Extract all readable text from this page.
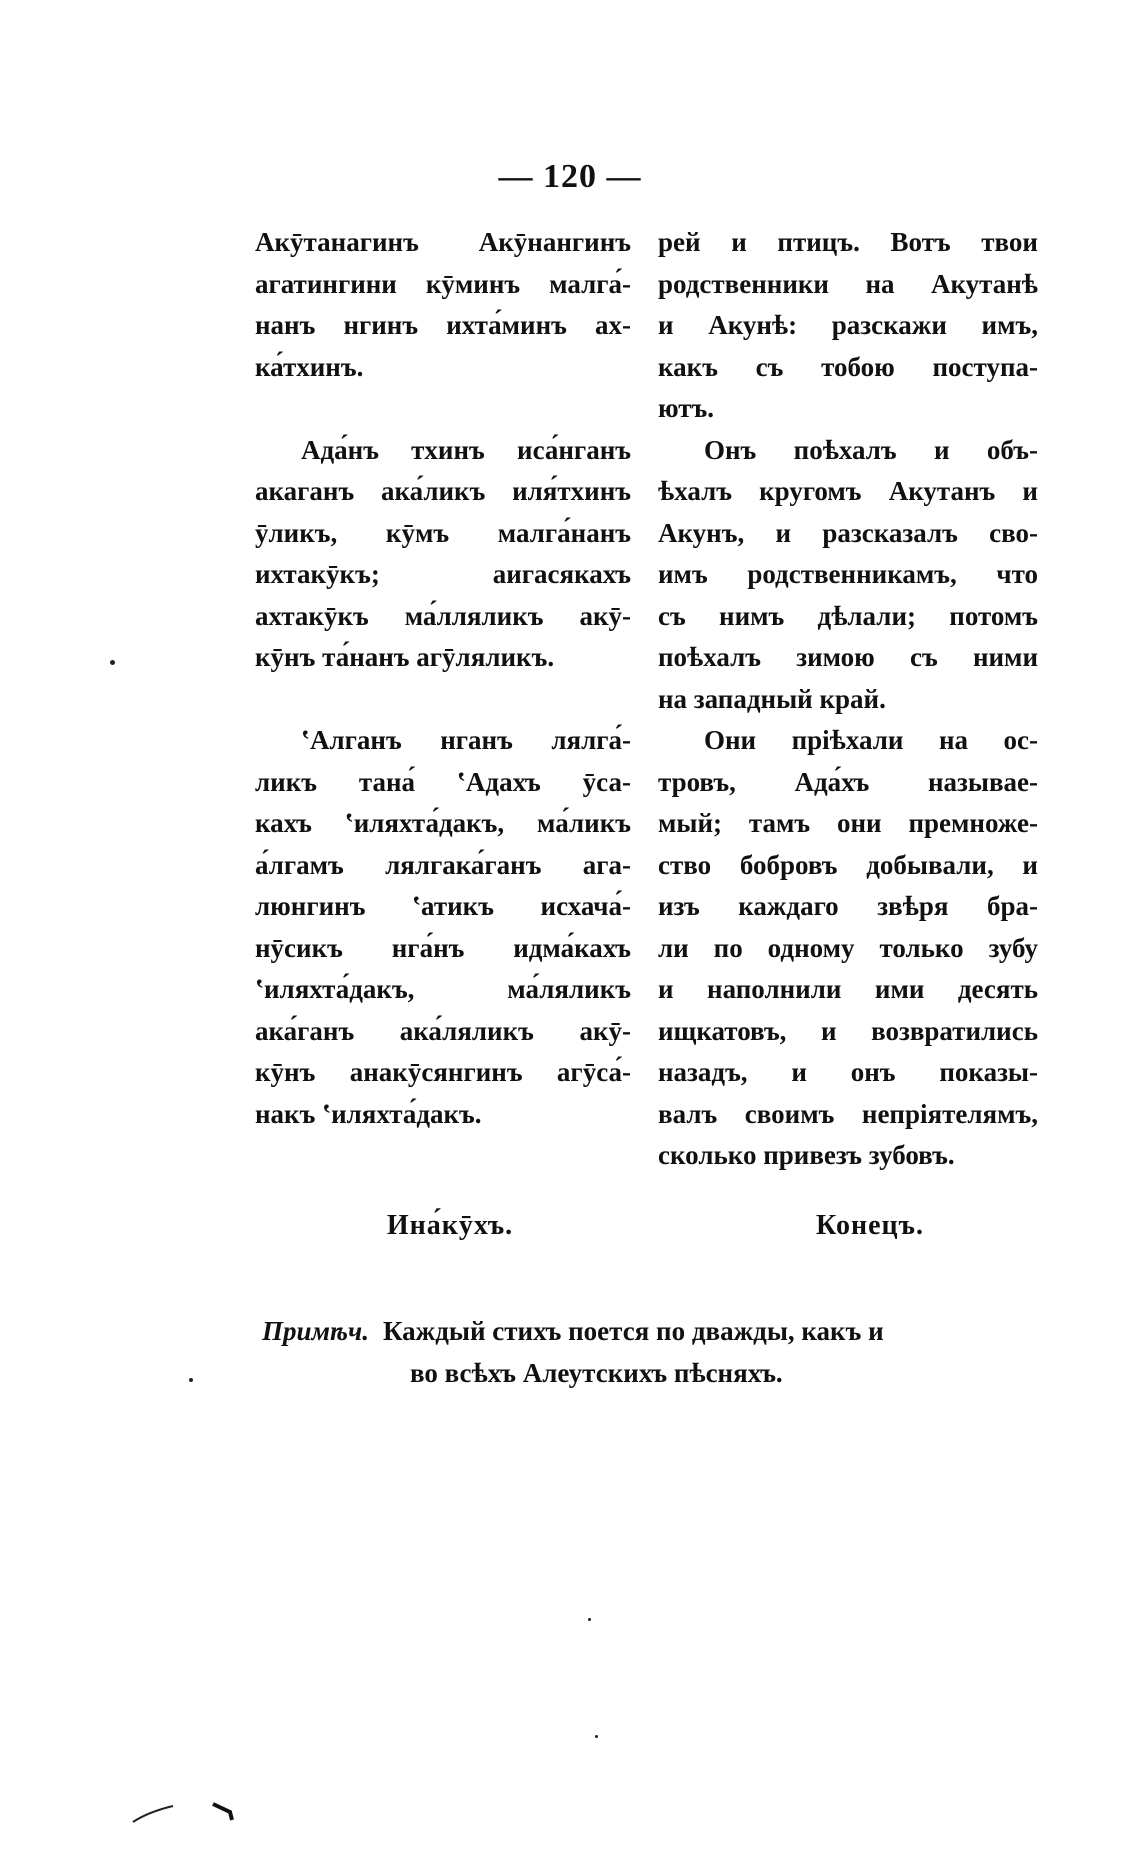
— 120 —

Акӯтанагинъ Акӯнангинъ
агатингини кӯминъ малга́-
нанъ нгинъ ихта́минъ ах-
ка́тхинъ.

Ада́нъ тхинъ иса́нганъ
акаганъ ака́ликъ иля́тхинъ
ӯликъ, кӯмъ малга́нанъ
ихтакӯкъ; аигасякахъ
ахтакӯкъ ма́лляликъ акӯ-
кӯнъ та́нанъ агӯляликъ.

ʽАлганъ нганъ лялга́-
ликъ тана́ ʽАдахъ ӯса-
кахъ ʽиляхта́дакъ, ма́ликъ
а́лгамъ лялгака́ганъ ага-
люнгинъ ʽатикъ исхача́-
нӯсикъ нга́нъ идма́кахъ
ʽиляхта́дакъ, ма́ляликъ
ака́ганъ ака́ляликъ акӯ-
кӯнъ анакӯсянгинъ агӯса́-
накъ ʽиляхта́дакъ.

рей и птицъ. Вотъ твои
родственники на Акутанѣ
и Акунѣ: разскажи имъ,
какъ съ тобою поступа-
ютъ.

Онъ поѣхалъ и объ-
ѣхалъ кругомъ Акутанъ и
Акунъ, и разсказалъ сво-
имъ родственникамъ, что
съ нимъ дѣлали; потомъ
поѣхалъ зимою съ ними
на западный край.

Они прiѣхали на ос-
тровъ, Ада́хъ называе-
мый; тамъ они премноже-
ство бобровъ добывали, и
изъ каждаго звѣря бра-
ли по одному только зубу
и наполнили ими десять
ищкатовъ, и возвратились
назадъ, и онъ показы-
валъ своимъ непрiятелямъ,
сколько привезъ зубовъ.

Ина́кӯхъ.	Конецъ.
Примѣч. Каждый стихъ поется по дважды, какъ и
во всѣхъ Алеутскихъ пѣсняхъ.
